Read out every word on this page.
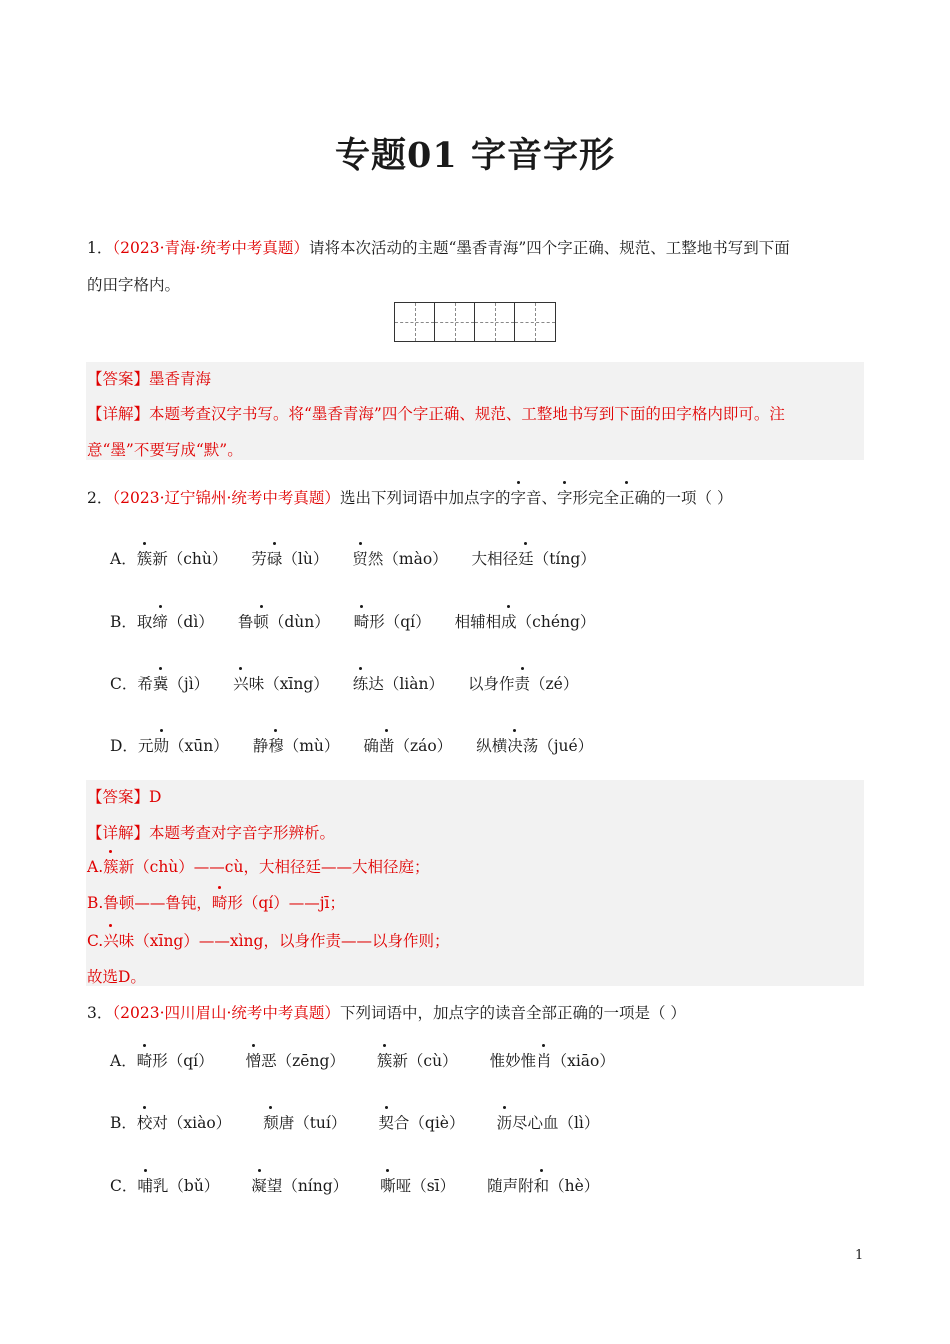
专题01 字音字形
1．（2023·青海·统考中考真题）请将本次活动的主题“墨香青海”四个字正确、规范、工整地书写到下面
的田字格内。
【答案】墨香青海
【详解】本题考查汉字书写。将“墨香青海”四个字正确、规范、工整地书写到下面的田字格内即可。注
意“墨”不要写成“默”。
2．（2023·辽宁锦州·统考中考真题）选出下列词语中加点字的字音、字形完全正确的一项（ ）
A．簇新（chù） 劳碌（lù） 贸然（mào） 大相径廷（tíng）
B．取缔（dì） 鲁顿（dùn） 畸形（qí） 相辅相成（chéng）
C．希冀（jì） 兴味（xīng） 练达（liàn） 以身作责（zé）
D．元勋（xūn） 静穆（mù） 确凿（záo） 纵横决荡（jué）
【答案】D
【详解】本题考查对字音字形辨析。
A.簇新（chù）——cù，大相径廷——大相径庭；
B.鲁顿——鲁钝，畸形（qí）——jī；
C.兴味（xīng）——xìng，以身作责——以身作则；
故选D。
3．（2023·四川眉山·统考中考真题）下列词语中，加点字的读音全部正确的一项是（ ）
A．畸形（qí） 憎恶（zēng） 簇新（cù） 惟妙惟肖（xiāo）
B．校对（xiào） 颓唐（tuí） 契合（qiè） 沥尽心血（lì）
C．哺乳（bǔ） 凝望（níng） 嘶哑（sī） 随声附和（hè）
1
